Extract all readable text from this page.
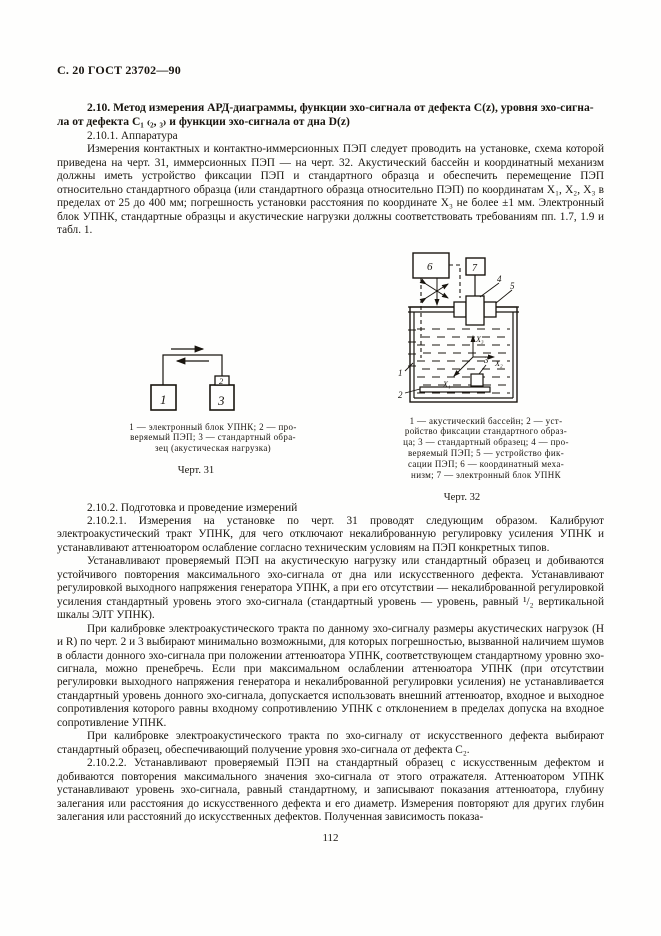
С. 20 ГОСТ 23702—90
2.10. Метод измерения АРД-диаграммы, функции эхо-сигнала от дефекта С(z), уровня эхо-сигна-
ла от дефекта С₁ ₍₂, ₃₎ и функции эхо-сигнала от дна D(z)
2.10.1. Аппаратура

Измерения контактных и контактно-иммерсионных ПЭП следует проводить на установке, схема которой приведена на черт. 31, иммерсионных ПЭП — на черт. 32. Акустический бассейн и координатный механизм должны иметь устройство фиксации ПЭП и стандартного образца и обеспечить перемещение ПЭП относительно стандартного образца (или стандартного образца относительно ПЭП) по координатам X₁, X₂, X₃ в пределах от 25 до 400 мм; погрешность установки расстояния по координате X₃ не более ±1 мм. Электронный блок УПНК, стандартные образцы и акустические нагрузки должны соответствовать требованиям пп. 1.7, 1.9 и табл. 1.

1	3
2
1 — электронный блок УПНК; 2 — про-
веряемый ПЭП; 3 — стандартный обра-
зец (акустическая нагрузка)
Черт. 31
6	7
4
5
1
2
3
X₃
X₂
X₁
1 — акустический бассейн; 2 — уст-
ройство фиксации стандартного образ-
ца; 3 — стандартный образец; 4 — про-
веряемый ПЭП; 5 — устройство фик-
сации ПЭП; 6 — координатный меха-
низм; 7 — электронный блок УПНК
Черт. 32

2.10.2. Подготовка и проведение измерений

2.10.2.1. Измерения на установке по черт. 31 проводят следующим образом. Калибруют электроакустический тракт УПНК, для чего отключают некалиброванную регулировку усиления УПНК и устанавливают аттенюатором ослабление согласно техническим условиям на ПЭП конкретных типов.

Устанавливают проверяемый ПЭП на акустическую нагрузку или стандартный образец и добиваются устойчивого повторения максимального эхо-сигнала от дна или искусственного дефекта. Устанавливают регулировкой выходного напряжения генератора УПНК, а при его отсутствии — некалиброванной регулировкой усиления стандартный уровень этого эхо-сигнала (стандартный уровень — уровень, равный ¹/₂ вертикальной шкалы ЭЛТ УПНК).

При калибровке электроакустического тракта по данному эхо-сигналу размеры акустических нагрузок (H и R) по черт. 2 и 3 выбирают минимально возможными, для которых погрешностью, вызванной наличием шумов в области донного эхо-сигнала при положении аттенюатора УПНК, соответствующем стандартному уровню эхо-сигнала, можно пренебречь. Если при максимальном ослаблении аттенюатора УПНК (при отсутствии регулировки выходного напряжения генератора и некалиброванной регулировки усиления) не устанавливается стандартный уровень донного эхо-сигнала, допускается использовать внешний аттенюатор, входное и выходное сопротивления которого равны входному сопротивлению УПНК с отклонением в пределах допуска на входное сопротивление УПНК.

При калибровке электроакустического тракта по эхо-сигналу от искусственного дефекта выбирают стандартный образец, обеспечивающий получение уровня эхо-сигнала от дефекта С₂.

2.10.2.2. Устанавливают проверяемый ПЭП на стандартный образец с искусственным дефектом и добиваются повторения максимального значения эхо-сигнала от этого отражателя. Аттенюатором УПНК устанавливают уровень эхо-сигнала, равный стандартному, и записывают показания аттенюатора, глубину залегания или расстояния до искусственного дефекта и его диаметр. Измерения повторяют для других глубин залегания или расстояний до искусственных дефектов. Полученная зависимость показа-

112
